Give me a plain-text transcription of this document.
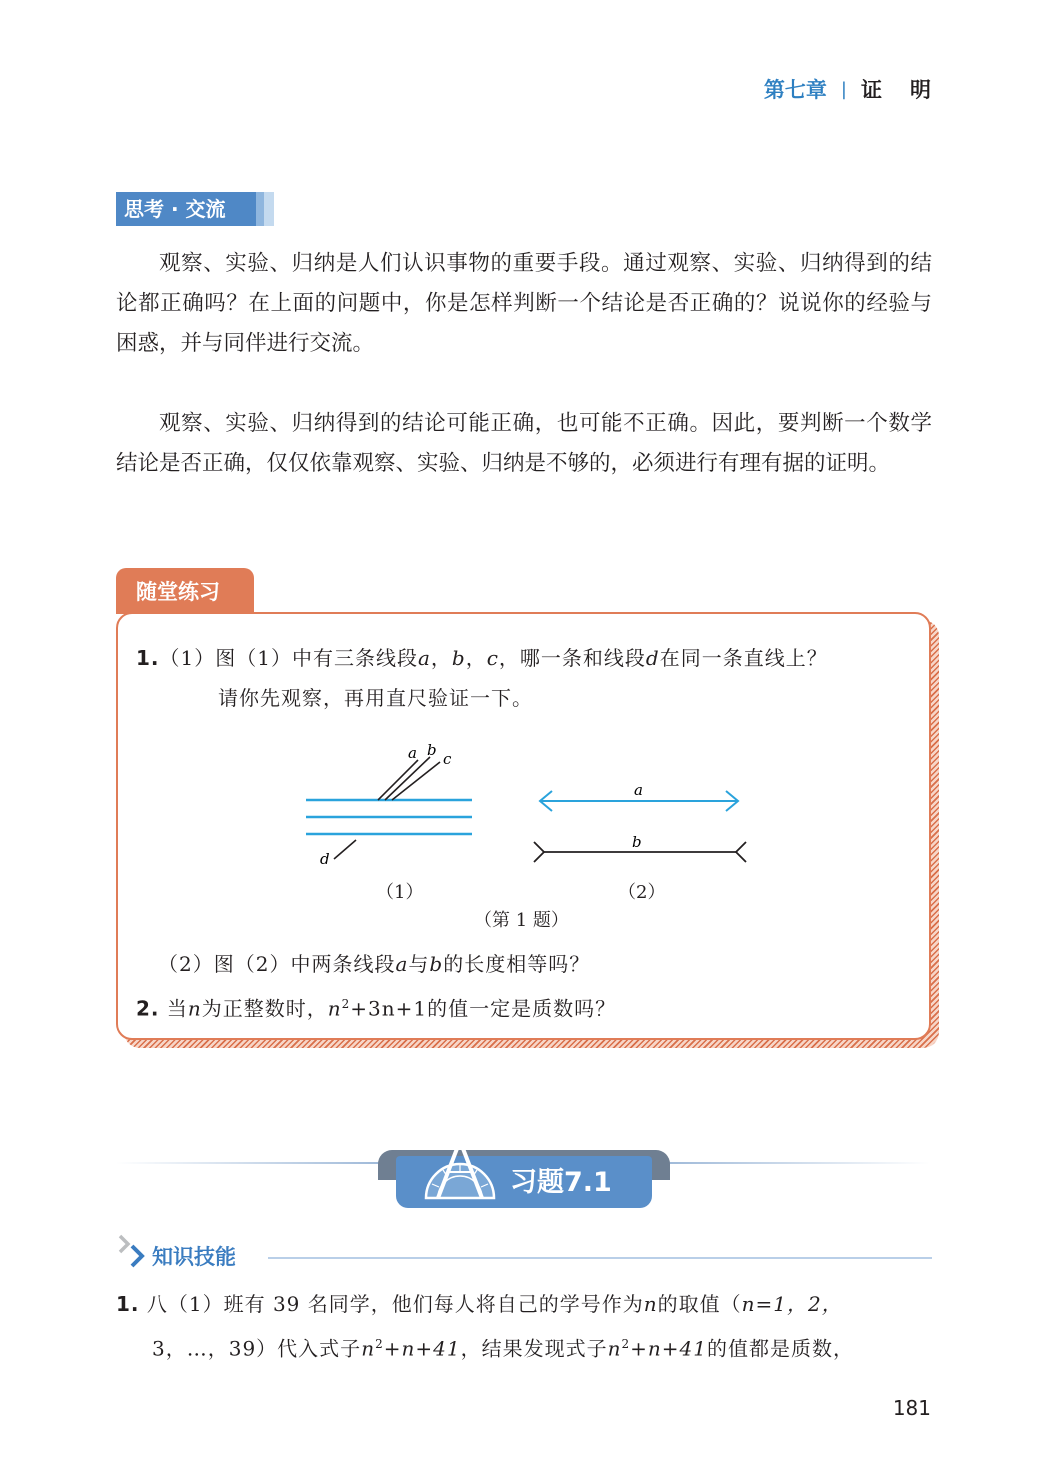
第七章 | 证明
思考 · 交流

观察、实验、归纳是人们认识事物的重要手段。通过观察、实验、归纳得到的结论都正确吗？在上面的问题中，你是怎样判断一个结论是否正确的？说说你的经验与困惑，并与同伴进行交流。

观察、实验、归纳得到的结论可能正确，也可能不正确。因此，要判断一个数学结论是否正确，仅仅依靠观察、实验、归纳是不够的，必须进行有理有据的证明。

随堂练习
1.（1）图（1）中有三条线段a，b，c，哪一条和线段d在同一条直线上？
请你先观察，再用直尺验证一下。
a b c
d
a
b
（1）	（2）
（第 1 题）
（2）图（2）中两条线段a与b的长度相等吗？
2. 当n为正整数时，$n^2+3n+1$的值一定是质数吗？
习题7.1
知识技能
1. 八（1）班有 39 名同学，他们每人将自己的学号作为n的取值（n=1，2，
3，…，39）代入式子$n^2+n+41$，结果发现式子$n^2+n+41$的值都是质数，
181
